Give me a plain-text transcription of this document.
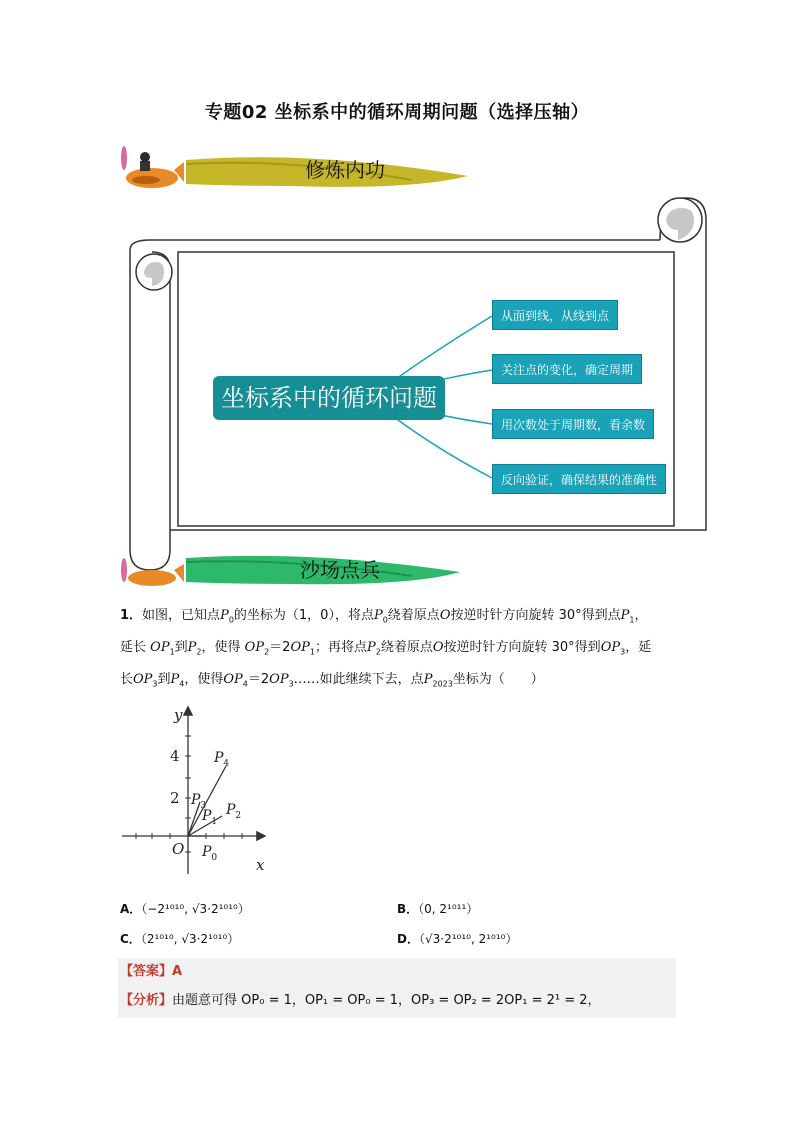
专题02 坐标系中的循环周期问题（选择压轴）
修炼内功
坐标系中的循环问题
从面到线，从线到点
关注点的变化，确定周期
用次数处于周期数，看余数
反向验证，确保结果的准确性
沙场点兵
1．如图，已知点$P_0$的坐标为（1，0），将点$P_0$绕着原点O按逆时针方向旋转 30°得到点$P_1$，
延长 $OP_1$到$P_2$，使得 $OP_2=2OP_1$；再将点$P_2$绕着原点O按逆时针方向旋转 30°得到$OP_3$，延
长$OP_3$到$P_4$，使得$OP_4=2OP_3\dots\dots$如此继续下去，点$P_{2023}$坐标为（　　）
y
x
O
4
2
$P_0$
$P_1$
$P_2$
$P_3$
$P_4$
A．（−2¹⁰¹⁰, √3·2¹⁰¹⁰）	B．（0, 2¹⁰¹¹）
C．（2¹⁰¹⁰, √3·2¹⁰¹⁰）	D．（√3·2¹⁰¹⁰, 2¹⁰¹⁰）
【答案】A
【分析】由题意可得 OP₀ = 1，OP₁ = OP₀ = 1，OP₃ = OP₂ = 2OP₁ = 2¹ = 2，
